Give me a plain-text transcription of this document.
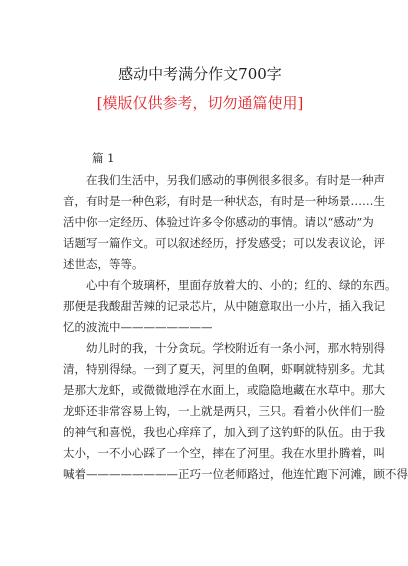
感动中考满分作文700字
[模版仅供参考，切勿通篇使用]
篇 1
　　在我们生活中，另我们感动的事例很多很多。有时是一种声
音，有时是一种色彩，有时是一种状态，有时是一种场景……生
活中你一定经历、体验过许多令你感动的事情。请以“感动”为
话题写一篇作文。可以叙述经历，抒发感受；可以发表议论，评
述世态，等等。
　　心中有个玻璃杯，里面存放着大的、小的；红的、绿的东西。
那便是我酸甜苦辣的记录芯片，从中随意取出一小片，插入我记
忆的波流中————————
　　幼儿时的我，十分贪玩。学校附近有一条小河，那水特别得
清，特别得绿。一到了夏天，河里的鱼啊，虾啊就特别多。尤其
是那大龙虾，或微微地浮在水面上，或隐隐地藏在水草中。那大
龙虾还非常容易上钩，一上就是两只，三只。看着小伙伴们一脸
的神气和喜悦，我也心痒痒了，加入到了这钓虾的队伍。由于我
太小，一不小心踩了一个空，摔在了河里。我在水里扑腾着，叫
喊着————————正巧一位老师路过，他连忙跑下河滩，顾不得
